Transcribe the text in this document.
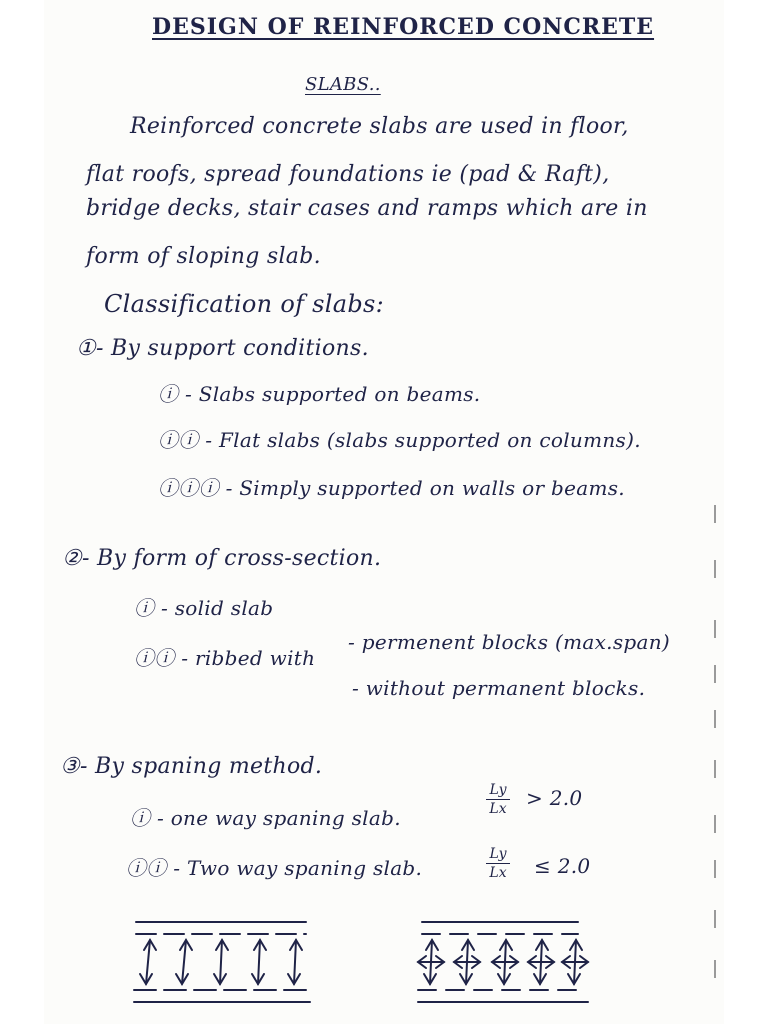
DESIGN OF REINFORCED CONCRETE
SLABS..
Reinforced concrete slabs are used in floor,
flat roofs, spread foundations ie (pad & Raft),
bridge decks, stair cases and ramps which are in
form of sloping slab.
Classification of slabs:
①- By support conditions.
ⓘ - Slabs supported on beams.
ⓘⓘ - Flat slabs (slabs supported on columns).
ⓘⓘⓘ - Simply supported on walls or beams.
②- By form of cross-section.
ⓘ - solid slab
ⓘⓘ - ribbed with
- permenent blocks (max.span)
- without permanent blocks.
③- By spaning method.
ⓘ - one way spaning slab.
Ly
Lx > 2.0
ⓘⓘ - Two way spaning slab.
Ly
Lx ≤ 2.0
